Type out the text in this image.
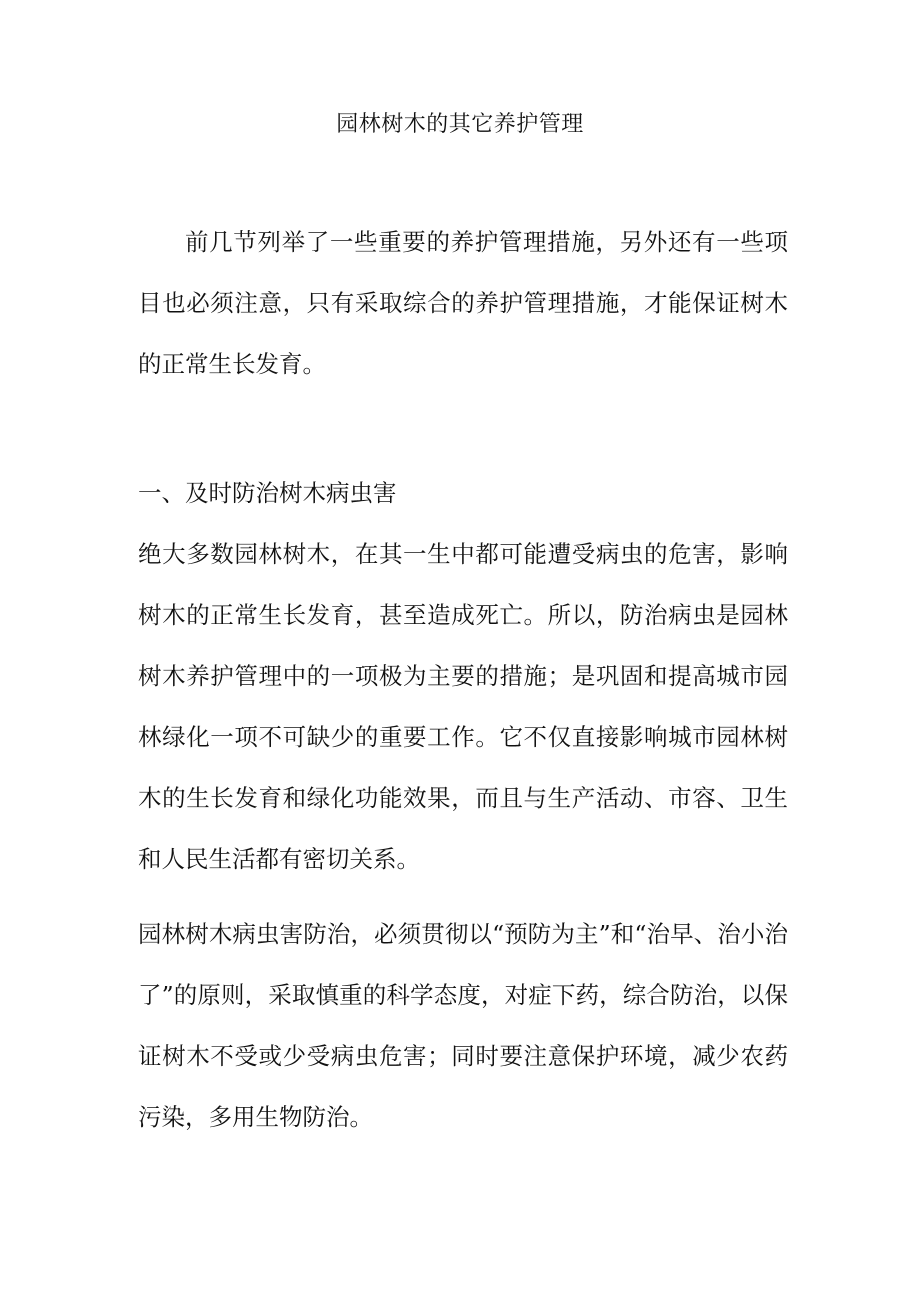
园林树木的其它养护管理
前几节列举了一些重要的养护管理措施，另外还有一些项目也必须注意，只有采取综合的养护管理措施，才能保证树木的正常生长发育。
一、及时防治树木病虫害
绝大多数园林树木，在其一生中都可能遭受病虫的危害，影响树木的正常生长发育，甚至造成死亡。所以，防治病虫是园林树木养护管理中的一项极为主要的措施；是巩固和提高城市园林绿化一项不可缺少的重要工作。它不仅直接影响城市园林树木的生长发育和绿化功能效果，而且与生产活动、市容、卫生和人民生活都有密切关系。
园林树木病虫害防治，必须贯彻以“预防为主”和“治早、治小治了”的原则，采取慎重的科学态度，对症下药，综合防治，以保证树木不受或少受病虫危害；同时要注意保护环境，减少农药污染，多用生物防治。
